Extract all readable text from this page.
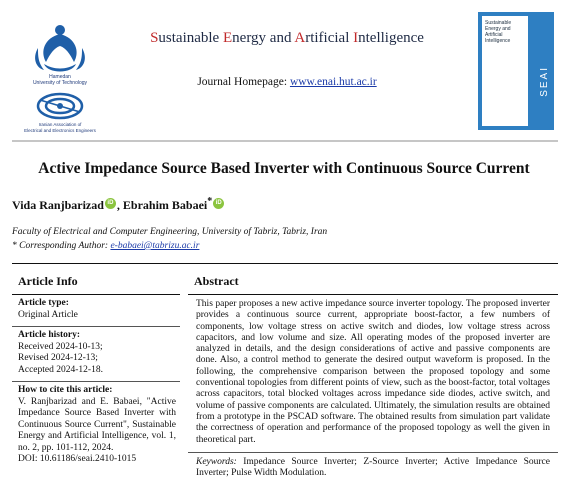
Hamedan
University of Technology
Iranian Association of
Electrical and Electronics Engineers
Sustainable Energy and Artificial Intelligence
Journal Homepage: www.enai.hut.ac.ir
Sustainable
Energy and
Artificial Intelligence
SEAI
Active Impedance Source Based Inverter with Continuous Source Current
Vida Ranjbarizad iD , Ebrahim Babaei* iD
Faculty of Electrical and Computer Engineering, University of Tabriz, Tabriz, Iran
* Corresponding Author: e-babaei@tabrizu.ac.ir
Article Info
Article type:
Original Article
Article history:
Received 2024-10-13;
Revised 2024-12-13;
Accepted 2024-12-18.
How to cite this article:
V. Ranjbarizad and E. Babaei, "Active Impedance Source Based Inverter with Continuous Source Current", Sustainable Energy and Artificial Intelligence, vol. 1, no. 2, pp. 101-112, 2024.
DOI: 10.61186/seai.2410-1015
Abstract
This paper proposes a new active impedance source inverter topology. The proposed inverter provides a continuous source current, appropriate boost-factor, a few numbers of components, low voltage stress on active switch and diodes, low voltage stress across capacitors, and low volume and size. All operating modes of the proposed inverter are analyzed in details, and the design considerations of active and passive components are done. Also, a control method to generate the desired output waveform is proposed. In the following, the comprehensive comparison between the proposed topology and some conventional topologies from different points of view, such as the boost-factor, total voltages across capacitors, total blocked voltages across impedance side diodes, active switch, and volume of passive components are calculated. Ultimately, the simulation results are obtained from a prototype in the PSCAD software. The obtained results from simulation part validate the correctness of operation and performance of the proposed topology as well the given in theoretical part.
Keywords: Impedance Source Inverter; Z-Source Inverter; Active Impedance Source Inverter; Pulse Width Modulation.
